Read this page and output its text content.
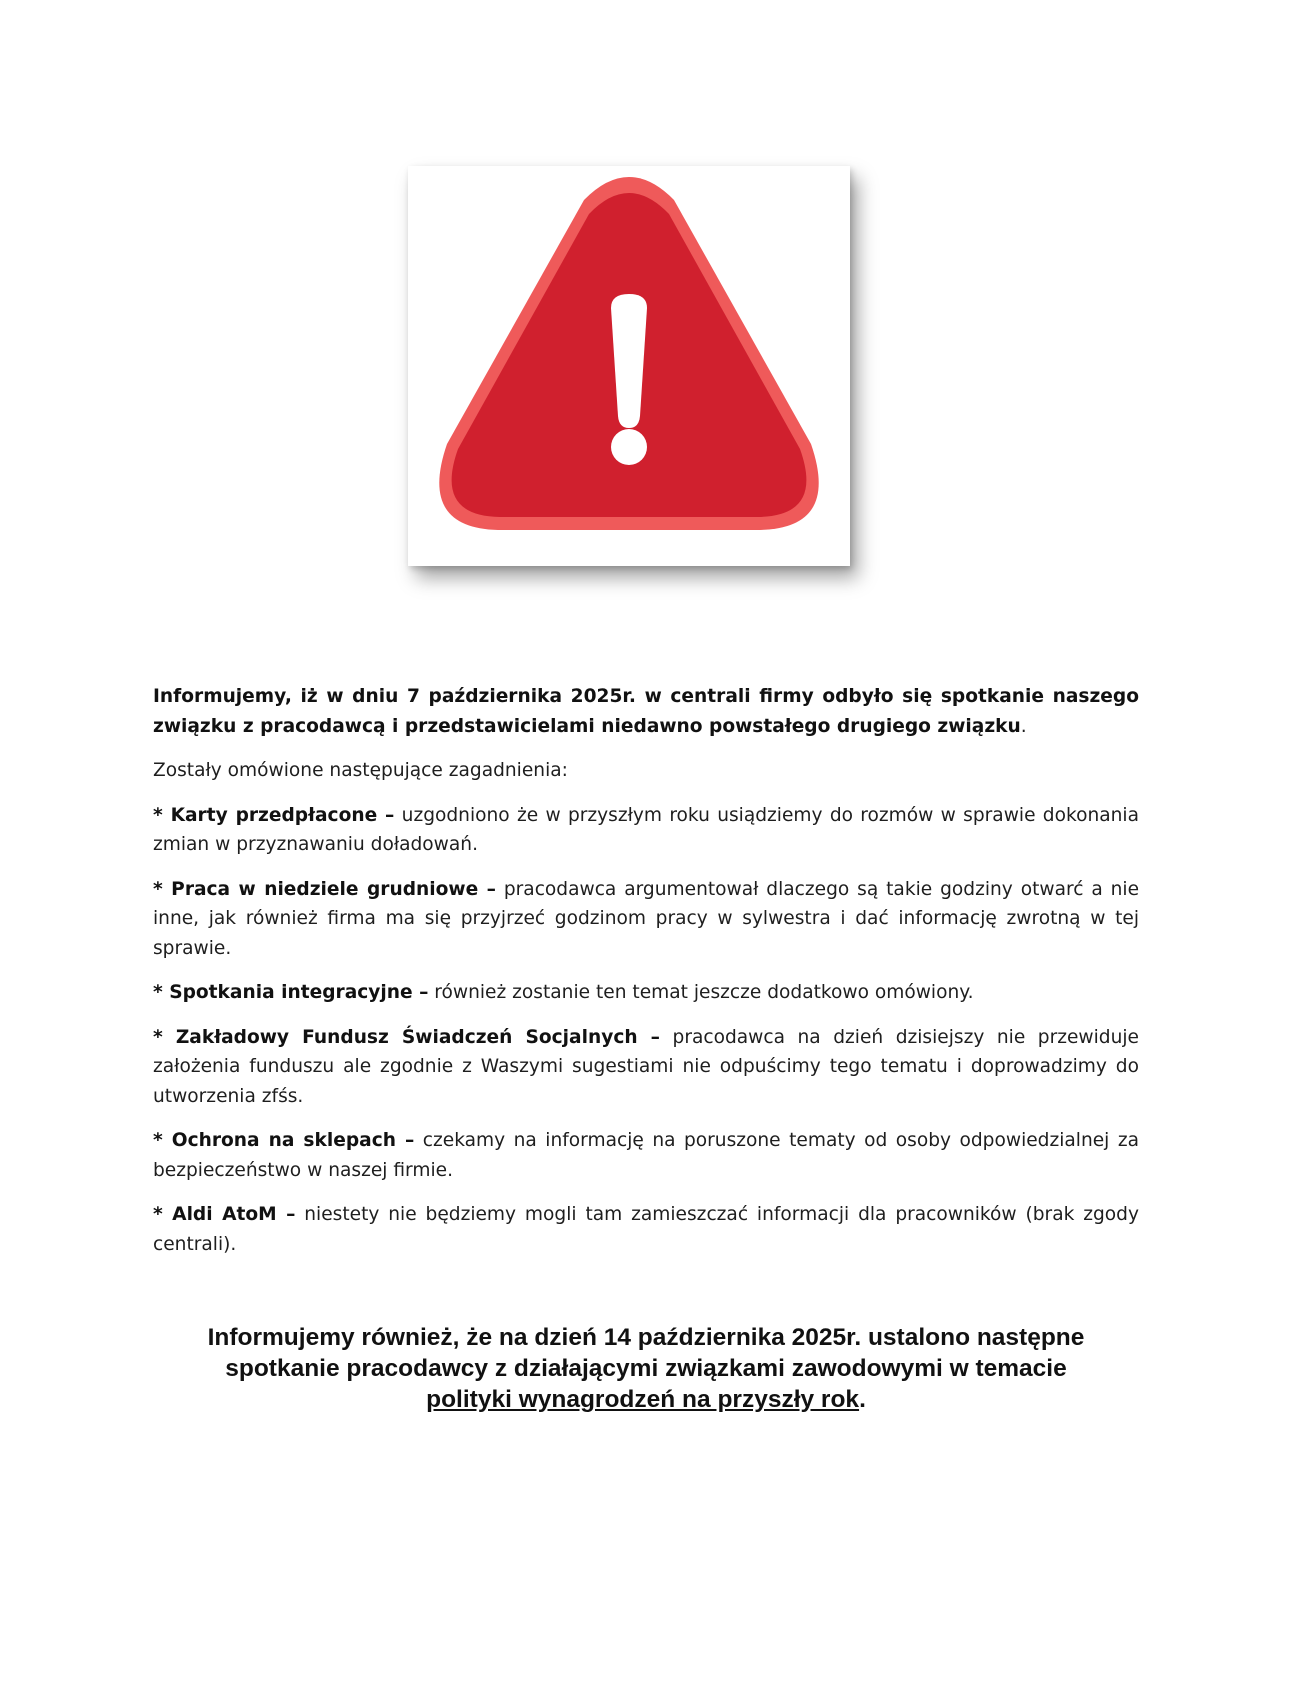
Informujemy, iż w dniu 7 października 2025r. w centrali firmy odbyło się spotkanie naszego związku z pracodawcą i przedstawicielami niedawno powstałego drugiego związku.

Zostały omówione następujące zagadnienia:

* Karty przedpłacone – uzgodniono że w przyszłym roku usiądziemy do rozmów w sprawie dokonania zmian w przyznawaniu doładowań.

* Praca w niedziele grudniowe – pracodawca argumentował dlaczego są takie godziny otwarć a nie inne, jak również firma ma się przyjrzeć godzinom pracy w sylwestra i dać informację zwrotną w tej sprawie.

* Spotkania integracyjne – również zostanie ten temat jeszcze dodatkowo omówiony.

* Zakładowy Fundusz Świadczeń Socjalnych – pracodawca na dzień dzisiejszy nie przewiduje założenia funduszu ale zgodnie z Waszymi sugestiami nie odpuścimy tego tematu i doprowadzimy do utworzenia zfśs.

* Ochrona na sklepach – czekamy na informację na poruszone tematy od osoby odpowiedzialnej za bezpieczeństwo w naszej firmie.

* Aldi AtoM – niestety nie będziemy mogli tam zamieszczać informacji dla pracowników (brak zgody centrali).

Informujemy również, że na dzień 14 października 2025r. ustalono następne
spotkanie pracodawcy z działającymi związkami zawodowymi w temacie
polityki wynagrodzeń na przyszły rok.
